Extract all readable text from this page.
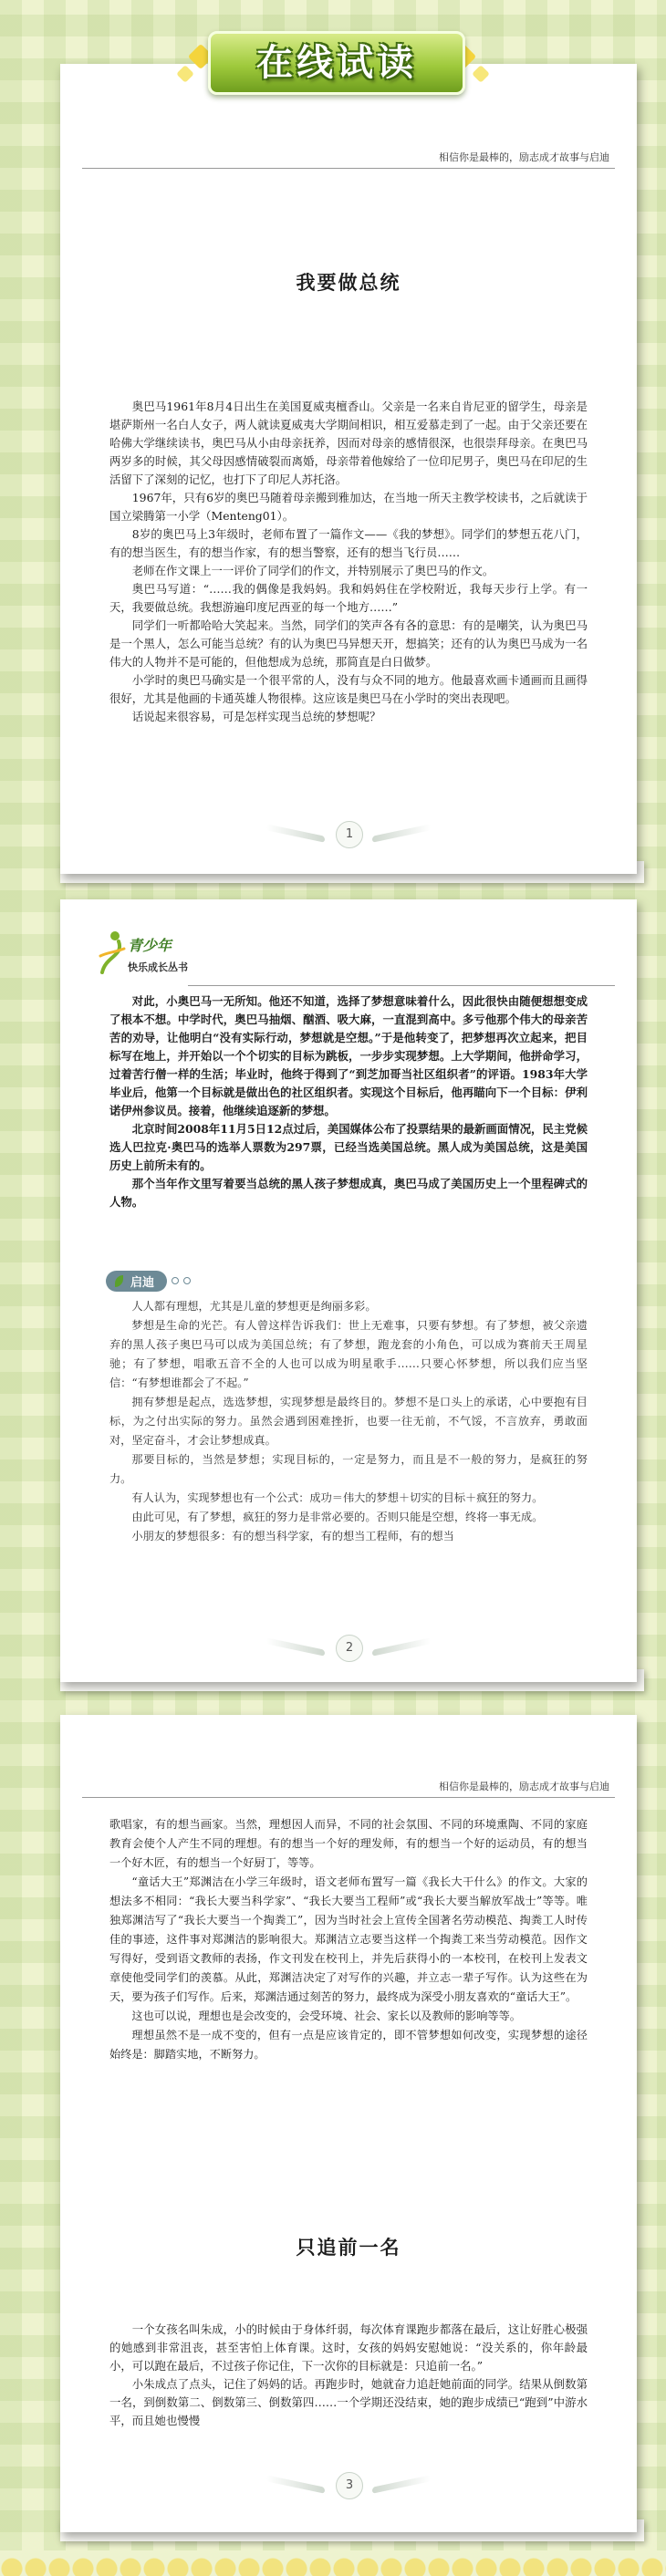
在线试读
相信你是最棒的，励志成才故事与启迪
我要做总统

奥巴马1961年8月4日出生在美国夏威夷檀香山。父亲是一名来自肯尼亚的留学生，母亲是堪萨斯州一名白人女子，两人就读夏威夷大学期间相识，相互爱慕走到了一起。由于父亲还要在哈佛大学继续读书，奥巴马从小由母亲抚养，因而对母亲的感情很深，也很崇拜母亲。在奥巴马两岁多的时候，其父母因感情破裂而离婚，母亲带着他嫁给了一位印尼男子，奥巴马在印尼的生活留下了深刻的记忆，也打下了印尼人苏托洛。

1967年，只有6岁的奥巴马随着母亲搬到雅加达，在当地一所天主教学校读书，之后就读于国立梁腾第一小学（Menteng01）。

8岁的奥巴马上3年级时，老师布置了一篇作文——《我的梦想》。同学们的梦想五花八门，有的想当医生，有的想当作家，有的想当警察，还有的想当飞行员……

老师在作文课上一一评价了同学们的作文，并特别展示了奥巴马的作文。

奥巴马写道：“……我的偶像是我妈妈。我和妈妈住在学校附近，我每天步行上学。有一天，我要做总统。我想游遍印度尼西亚的每一个地方……”

同学们一听都哈哈大笑起来。当然，同学们的笑声各有各的意思：有的是嘲笑，认为奥巴马是一个黑人，怎么可能当总统？有的认为奥巴马异想天开，想搞笑；还有的认为奥巴马成为一名伟大的人物并不是可能的，但他想成为总统，那简直是白日做梦。

小学时的奥巴马确实是一个很平常的人，没有与众不同的地方。他最喜欢画卡通画而且画得很好，尤其是他画的卡通英雄人物很棒。这应该是奥巴马在小学时的突出表现吧。

话说起来很容易，可是怎样实现当总统的梦想呢？

1
青少年
快乐成长丛书

对此，小奥巴马一无所知。他还不知道，选择了梦想意味着什么，因此很快由随便想想变成了根本不想。中学时代，奥巴马抽烟、酗酒、吸大麻，一直混到高中。多亏他那个伟大的母亲苦苦的劝导，让他明白“没有实际行动，梦想就是空想。”于是他转变了，把梦想再次立起来，把目标写在地上，并开始以一个个切实的目标为跳板，一步步实现梦想。上大学期间，他拼命学习，过着苦行僧一样的生活；毕业时，他终于得到了“到芝加哥当社区组织者”的评语。1983年大学毕业后，他第一个目标就是做出色的社区组织者。实现这个目标后，他再瞄向下一个目标：伊利诺伊州参议员。接着，他继续追逐新的梦想。

北京时间2008年11月5日12点过后，美国媒体公布了投票结果的最新画面情况，民主党候选人巴拉克·奥巴马的选举人票数为297票，已经当选美国总统。黑人成为美国总统，这是美国历史上前所未有的。

那个当年作文里写着要当总统的黑人孩子梦想成真，奥巴马成了美国历史上一个里程碑式的人物。

启迪

人人都有理想，尤其是儿童的梦想更是绚丽多彩。

梦想是生命的光芒。有人曾这样告诉我们：世上无难事，只要有梦想。有了梦想，被父亲遗弃的黑人孩子奥巴马可以成为美国总统；有了梦想，跑龙套的小角色，可以成为赛前天王周星驰；有了梦想，唱歌五音不全的人也可以成为明星歌手……只要心怀梦想，所以我们应当坚信：“有梦想谁都会了不起。”

拥有梦想是起点，选选梦想，实现梦想是最终目的。梦想不是口头上的承诺，心中要抱有目标，为之付出实际的努力。虽然会遇到困难挫折，也要一往无前，不气馁，不言放弃，勇敢面对，坚定奋斗，才会让梦想成真。

那要目标的，当然是梦想；实现目标的，一定是努力，而且是不一般的努力，是疯狂的努力。

有人认为，实现梦想也有一个公式：成功＝伟大的梦想＋切实的目标＋疯狂的努力。

由此可见，有了梦想，疯狂的努力是非常必要的。否则只能是空想，终将一事无成。

小朋友的梦想很多：有的想当科学家，有的想当工程师，有的想当

2
相信你是最棒的，励志成才故事与启迪

歌唱家，有的想当画家。当然，理想因人而异，不同的社会氛围、不同的环境熏陶、不同的家庭教育会使个人产生不同的理想。有的想当一个好的理发师，有的想当一个好的运动员，有的想当一个好木匠，有的想当一个好厨丁，等等。

“童话大王”郑渊洁在小学三年级时，语文老师布置写一篇《我长大干什么》的作文。大家的想法多不相同：“我长大要当科学家”、“我长大要当工程师”或“我长大要当解放军战士”等等。唯独郑渊洁写了“我长大要当一个掏粪工”，因为当时社会上宣传全国著名劳动模范、掏粪工人时传佳的事迹，这件事对郑渊洁的影响很大。郑渊洁立志要当这样一个掏粪工来当劳动模范。因作文写得好，受到语文教师的表扬，作文刊发在校刊上，并先后获得小的一本校刊，在校刊上发表文章使他受同学们的羡慕。从此，郑渊洁决定了对写作的兴趣，并立志一辈子写作。认为这些在为天，要为孩子们写作。后来，郑渊洁通过刻苦的努力，最终成为深受小朋友喜欢的“童话大王”。

这也可以说，理想也是会改变的，会受环境、社会、家长以及教师的影响等等。

理想虽然不是一成不变的，但有一点是应该肯定的，即不管梦想如何改变，实现梦想的途径始终是：脚踏实地，不断努力。

只追前一名

一个女孩名叫朱成，小的时候由于身体纤弱，每次体育课跑步都落在最后，这让好胜心极强的她感到非常沮丧，甚至害怕上体育课。这时，女孩的妈妈安慰她说：“没关系的，你年龄最小，可以跑在最后，不过孩子你记住，下一次你的目标就是：只追前一名。”

小朱成点了点头，记住了妈妈的话。再跑步时，她就奋力追赶她前面的同学。结果从倒数第一名，到倒数第二、倒数第三、倒数第四……一个学期还没结束，她的跑步成绩已“跑到”中游水平，而且她也慢慢

3
